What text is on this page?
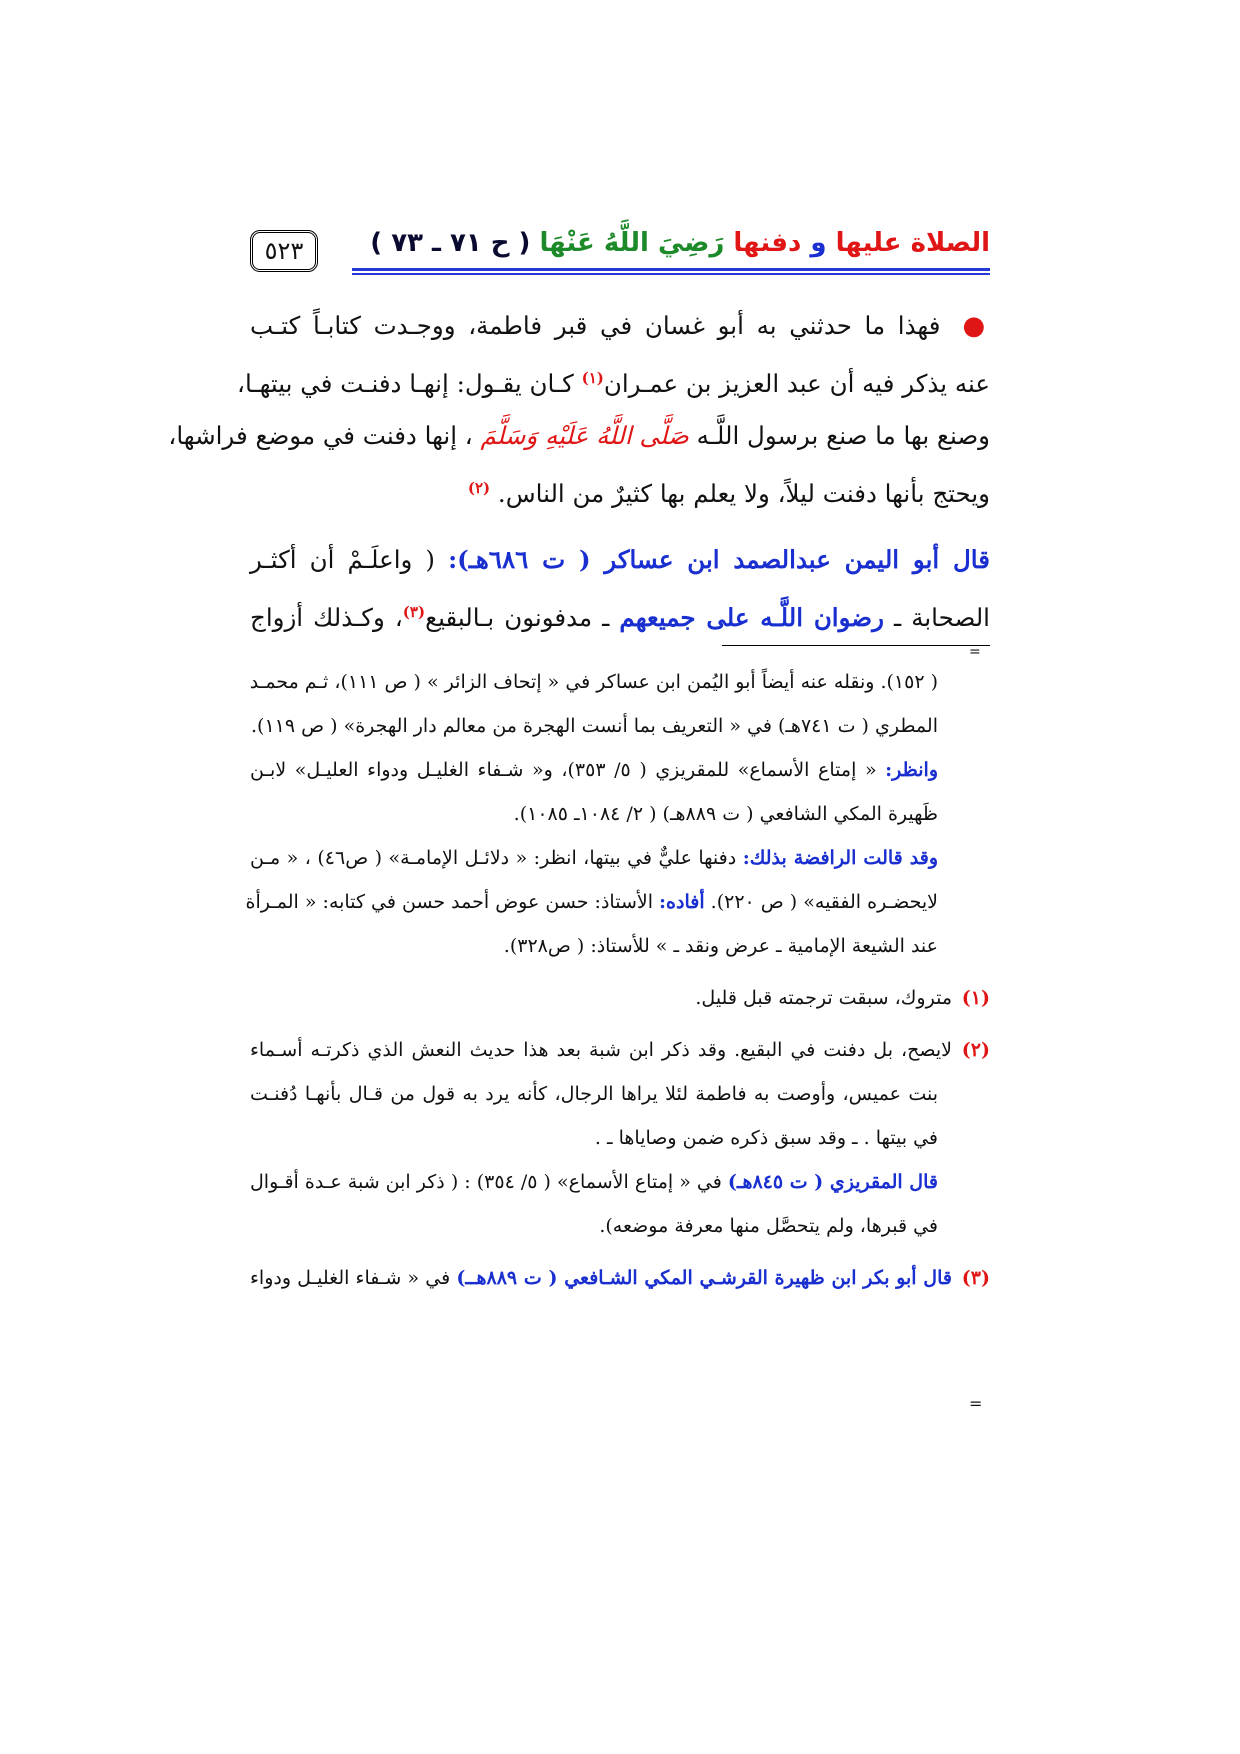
الصلاة عليها و دفنها رَضِيَ اللَّهُ عَنْهَا ( ح ٧١ ـ ٧٣ )
٥٢٣
●فهذا ما حدثني به أبو غسان في قبر فاطمة، ووجـدت كتابـاً كتـب
عنه يذكر فيه أن عبد العزيز بن عمـران$^{(١)}$ كـان يقـول: إنهـا دفنـت في بيتهـا،
وصنع بها ما صنع برسول اللَّـه صَلَّى اللَّهُ عَلَيْهِ وَسَلَّمَ ، إنها دفنت في موضع فراشها،
ويحتج بأنها دفنت ليلاً، ولا يعلم بها كثيرٌ من الناس. $^{(٢)}$
قال أبو اليمن عبدالصمد ابن عساكر ( ت ٦٨٦هـ): ( واعلَـمْ أن أكثـر
الصحابة ـ رضوان اللَّـه على جميعهم ـ مدفونون بـالبقيع$^{(٣)}$، وكـذلك أزواج
=
( ١٥٢). ونقله عنه أيضاً أبو اليُمن ابن عساكر في « إتحاف الزائر » ( ص ١١١)، ثـم محمـد
المطري ( ت ٧٤١هـ) في « التعريف بما أنست الهجرة من معالم دار الهجرة» ( ص ١١٩).
وانظر: « إمتاع الأسماع» للمقريزي ( ٥/ ٣٥٣)، و« شـفاء الغليـل ودواء العليـل» لابـن
ظَهيرة المكي الشافعي ( ت ٨٨٩هـ) ( ٢/ ١٠٨٤ـ ١٠٨٥).
وقد قالت الرافضة بذلك: دفنها عليٌّ في بيتها، انظر: « دلائـل الإمامـة» ( ص٤٦) ، « مـن
لايحضـره الفقيه» ( ص ٢٢٠). أفاده: الأستاذ: حسن عوض أحمد حسن في كتابه: « المـرأة
عند الشيعة الإمامية ـ عرض ونقد ـ » للأستاذ: ( ص٣٢٨).
(١)متروك، سبقت ترجمته قبل قليل.
(٢)لايصح، بل دفنت في البقيع. وقد ذكر ابن شبة بعد هذا حديث النعش الذي ذكرتـه أسـماء
بنت عميس، وأوصت به فاطمة لئلا يراها الرجال، كأنه يرد به قول من قـال بأنهـا دُفنـت
في بيتها . ـ وقد سبق ذكره ضمن وصاياها ـ .
قال المقريزي ( ت ٨٤٥هـ) في « إمتاع الأسماع» ( ٥/ ٣٥٤) : ( ذكر ابن شبة عـدة أقـوال
في قبرها، ولم يتحصَّل منها معرفة موضعه).
(٣)قال أبو بكر ابن ظهيرة القرشـي المكي الشـافعي ( ت ٨٨٩هــ) في « شـفاء الغليـل ودواء
=
